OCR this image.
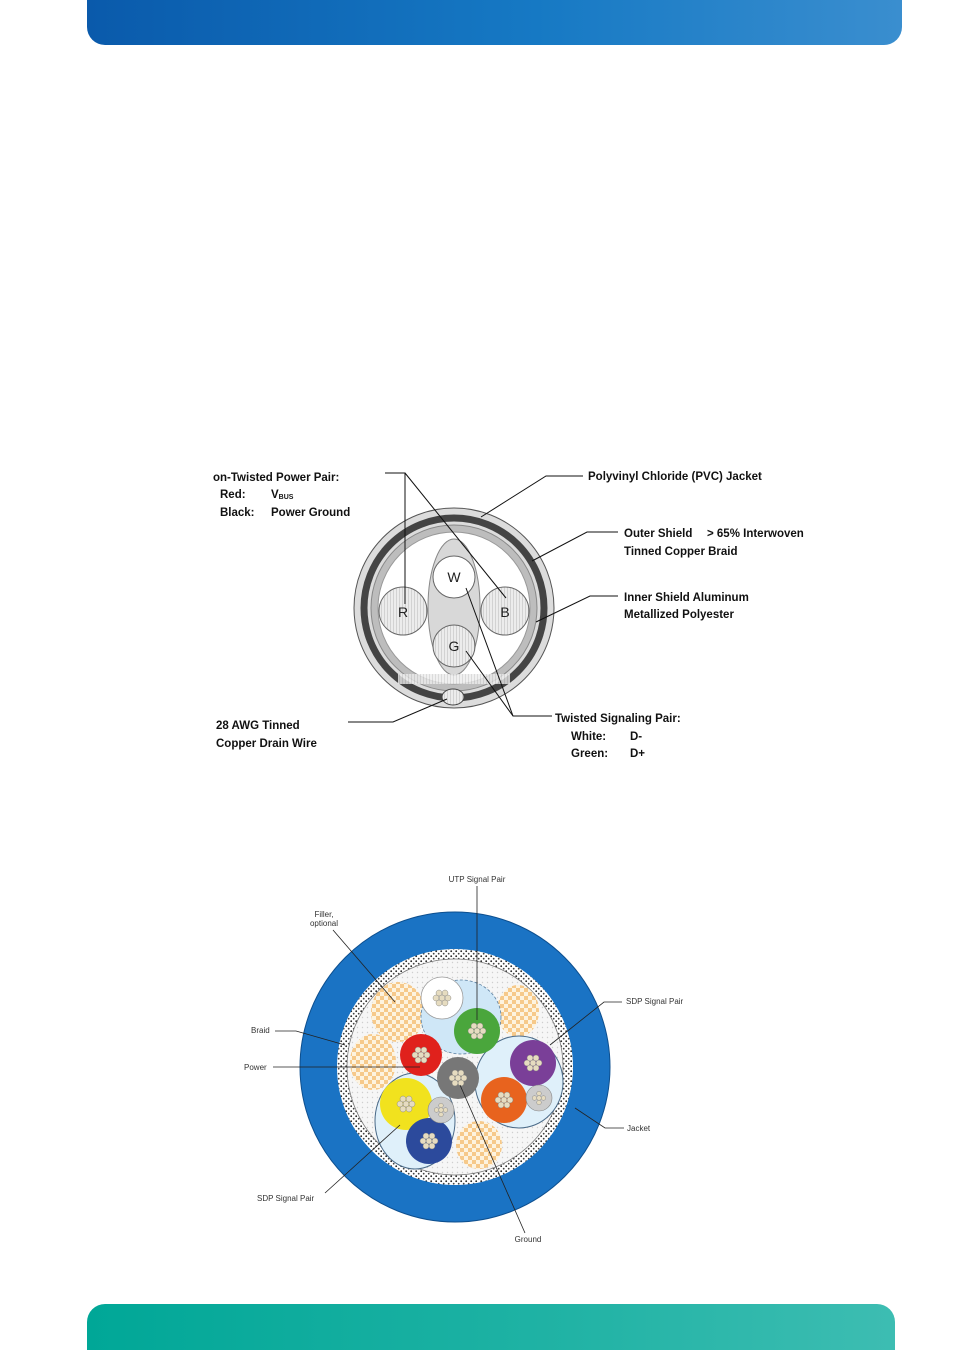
R	B
W
G
on-Twisted Power Pair:
Red: VBUS
Black: Power Ground
Polyvinyl Chloride (PVC) Jacket
Outer Shield > 65% Interwoven
Tinned Copper Braid
Inner Shield Aluminum
Metallized Polyester
28 AWG Tinned
Copper Drain Wire
Twisted Signaling Pair:
White: D-
Green: D+
UTP Signal Pair
Filler,
optional
Braid
Power
SDP Signal Pair
Jacket
SDP Signal Pair
Ground
